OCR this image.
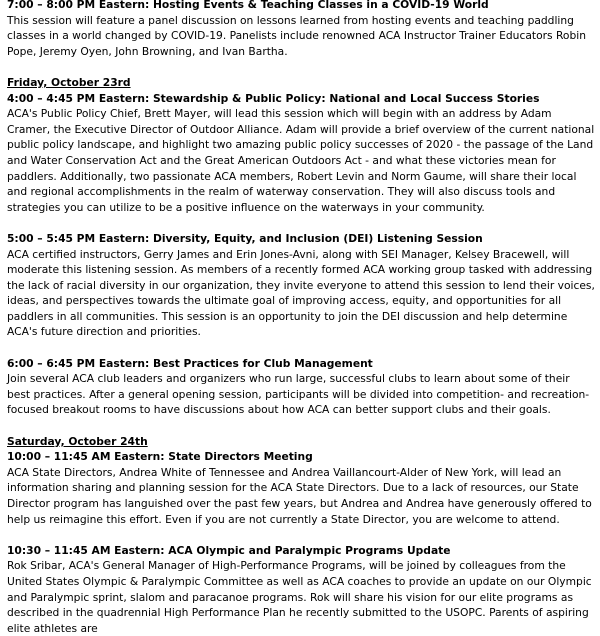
7:00 – 8:00 PM Eastern: Hosting Events & Teaching Classes in a COVID-19 World

This session will feature a panel discussion on lessons learned from hosting events and teaching paddling classes in a world changed by COVID-19. Panelists include renowned ACA Instructor Trainer Educators Robin Pope, Jeremy Oyen, John Browning, and Ivan Bartha.

Friday, October 23rd

4:00 – 4:45 PM Eastern: Stewardship & Public Policy: National and Local Success Stories

ACA's Public Policy Chief, Brett Mayer, will lead this session which will begin with an address by Adam Cramer, the Executive Director of Outdoor Alliance. Adam will provide a brief overview of the current national public policy landscape, and highlight two amazing public policy successes of 2020 - the passage of the Land and Water Conservation Act and the Great American Outdoors Act - and what these victories mean for paddlers. Additionally, two passionate ACA members, Robert Levin and Norm Gaume, will share their local and regional accomplishments in the realm of waterway conservation. They will also discuss tools and strategies you can utilize to be a positive influence on the waterways in your community.

5:00 – 5:45 PM Eastern: Diversity, Equity, and Inclusion (DEI) Listening Session

ACA certified instructors, Gerry James and Erin Jones-Avni, along with SEI Manager, Kelsey Bracewell, will moderate this listening session. As members of a recently formed ACA working group tasked with addressing the lack of racial diversity in our organization, they invite everyone to attend this session to lend their voices, ideas, and perspectives towards the ultimate goal of improving access, equity, and opportunities for all paddlers in all communities. This session is an opportunity to join the DEI discussion and help determine ACA's future direction and priorities.

6:00 – 6:45 PM Eastern: Best Practices for Club Management

Join several ACA club leaders and organizers who run large, successful clubs to learn about some of their best practices. After a general opening session, participants will be divided into competition- and recreation-focused breakout rooms to have discussions about how ACA can better support clubs and their goals.

Saturday, October 24th

10:00 – 11:45 AM Eastern: State Directors Meeting

ACA State Directors, Andrea White of Tennessee and Andrea Vaillancourt-Alder of New York, will lead an information sharing and planning session for the ACA State Directors. Due to a lack of resources, our State Director program has languished over the past few years, but Andrea and Andrea have generously offered to help us reimagine this effort. Even if you are not currently a State Director, you are welcome to attend.

10:30 – 11:45 AM Eastern: ACA Olympic and Paralympic Programs Update

Rok Sribar, ACA's General Manager of High-Performance Programs, will be joined by colleagues from the United States Olympic & Paralympic Committee as well as ACA coaches to provide an update on our Olympic and Paralympic sprint, slalom and paracanoe programs. Rok will share his vision for our elite programs as described in the quadrennial High Performance Plan he recently submitted to the USOPC. Parents of aspiring elite athletes are
